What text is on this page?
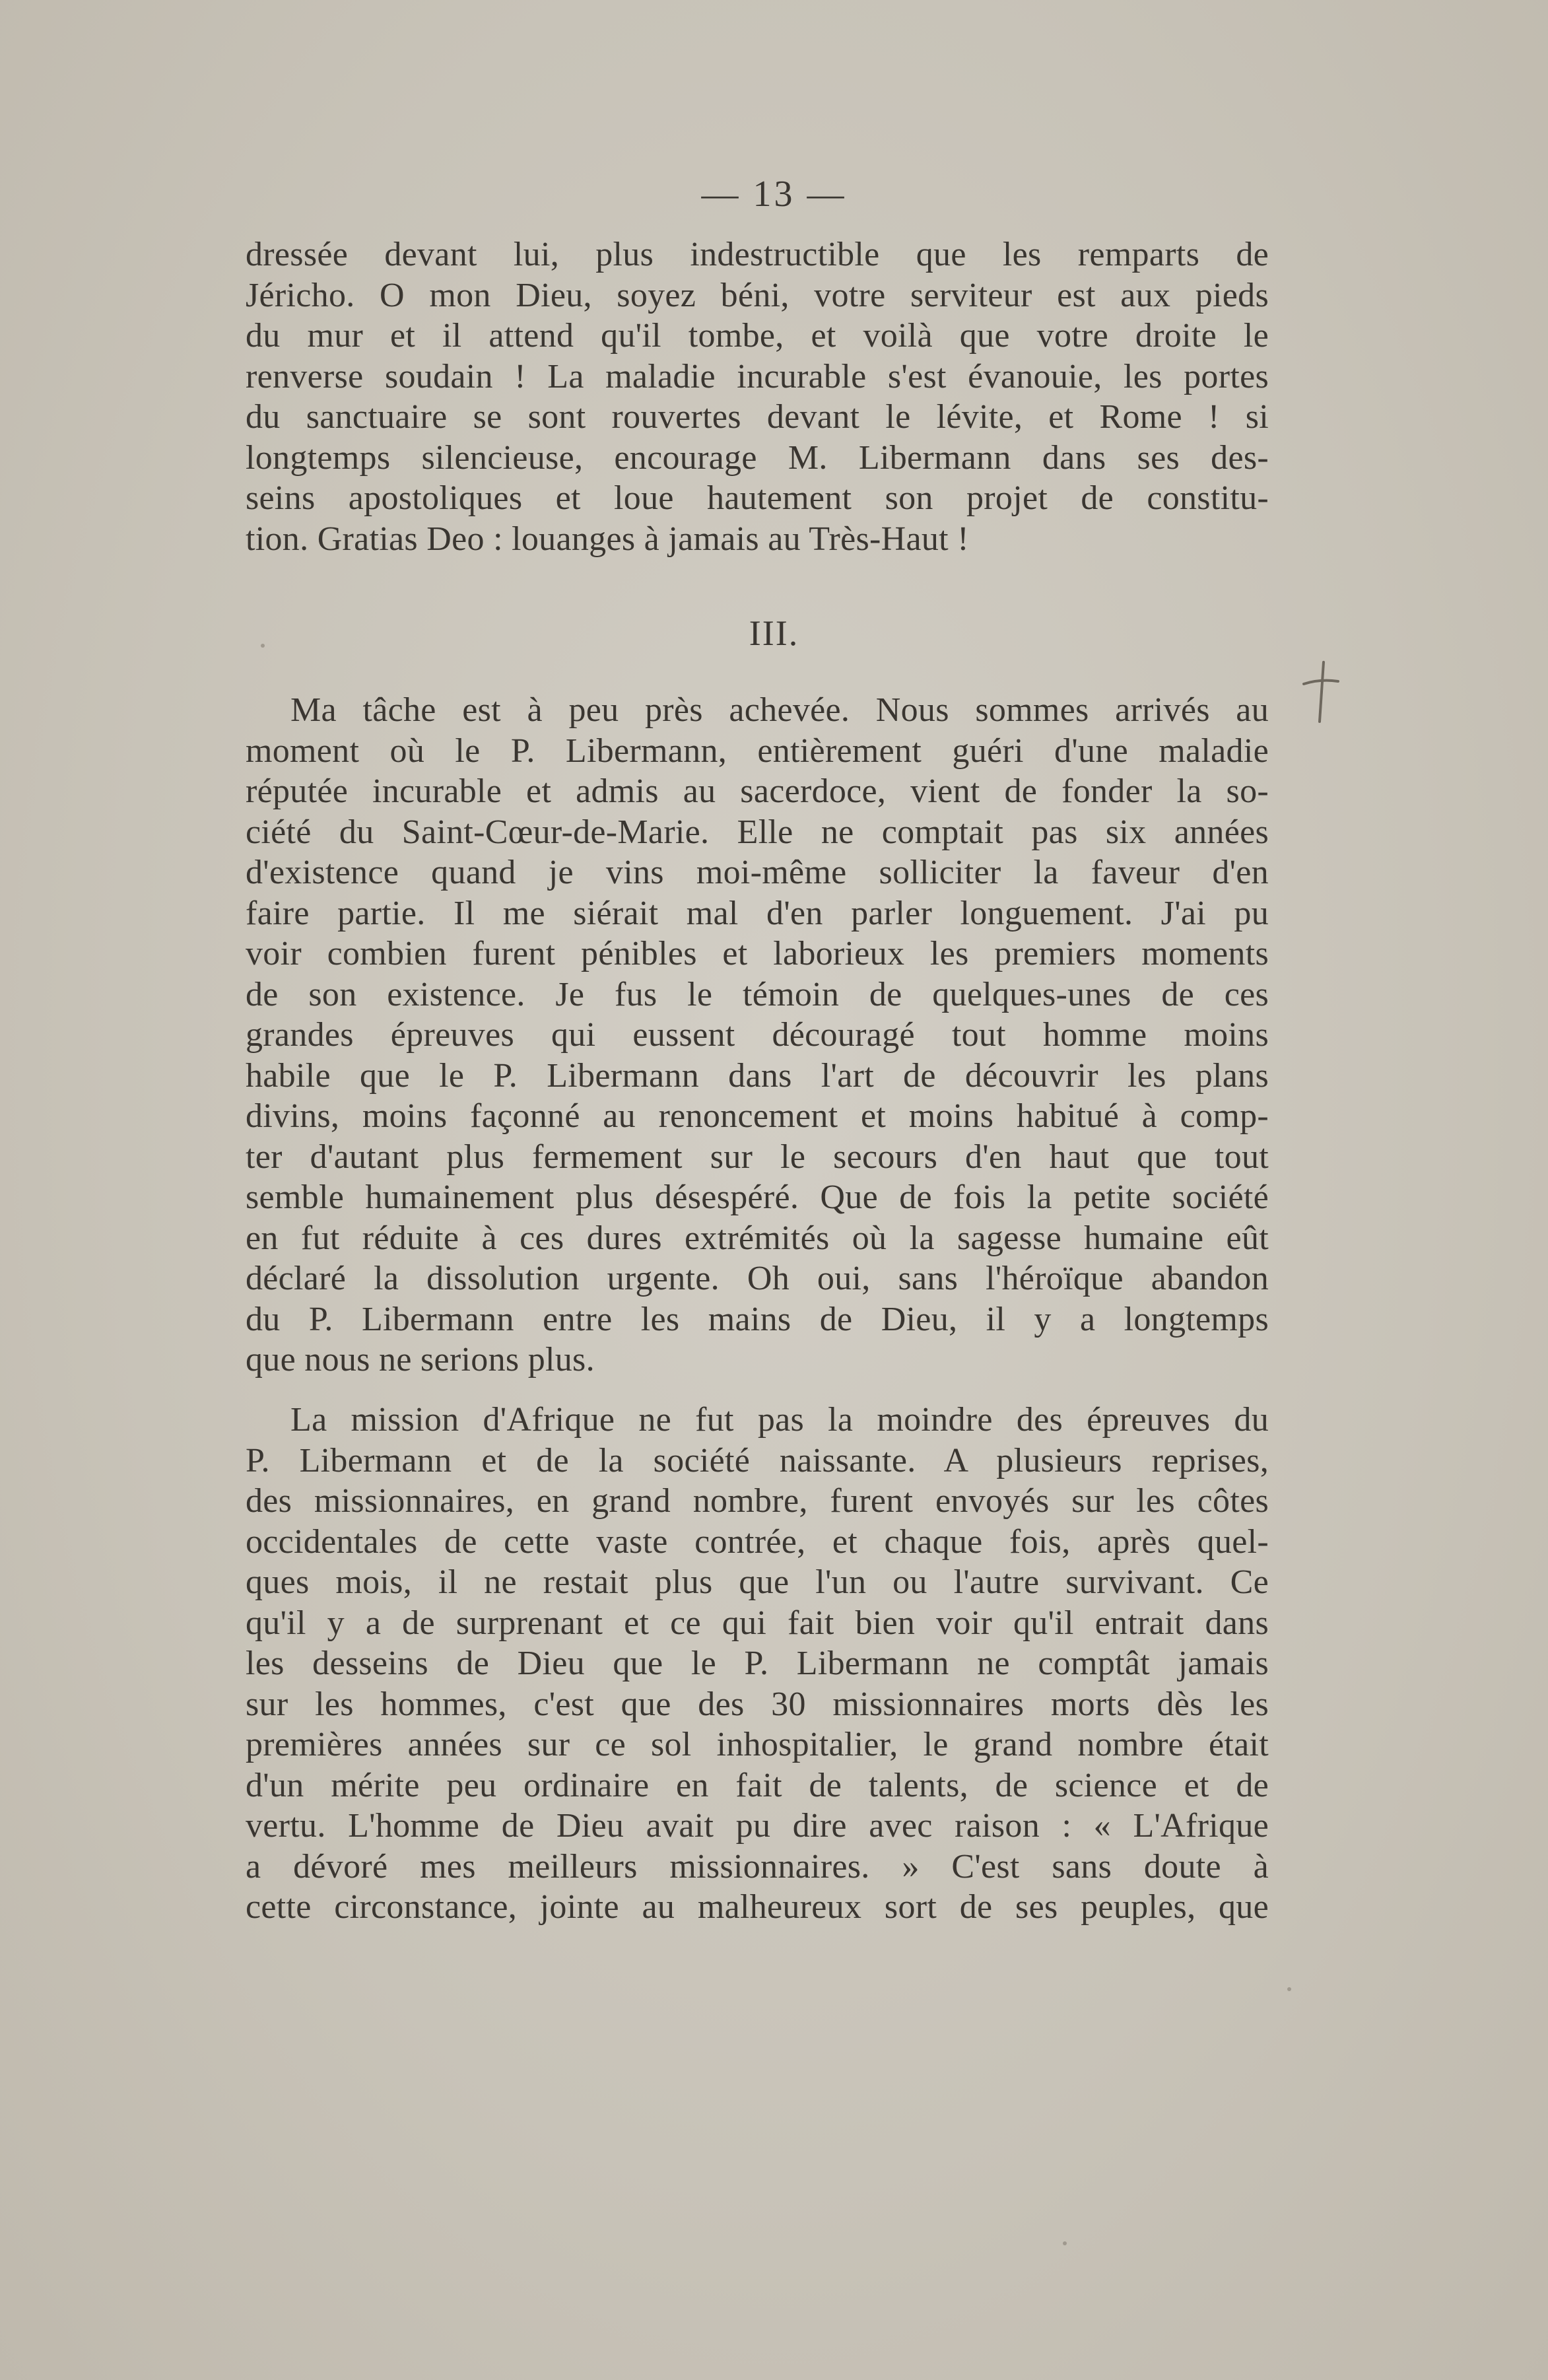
— 13 —
dressée devant lui, plus indestructible que les remparts de
Jéricho. O mon Dieu, soyez béni, votre serviteur est aux pieds
du mur et il attend qu'il tombe, et voilà que votre droite le
renverse soudain ! La maladie incurable s'est évanouie, les portes
du sanctuaire se sont rouvertes devant le lévite, et Rome ! si
longtemps silencieuse, encourage M. Libermann dans ses des-
seins apostoliques et loue hautement son projet de constitu-
tion. Gratias Deo : louanges à jamais au Très-Haut !
III.
Ma tâche est à peu près achevée. Nous sommes arrivés au
moment où le P. Libermann, entièrement guéri d'une maladie
réputée incurable et admis au sacerdoce, vient de fonder la so-
ciété du Saint-Cœur-de-Marie. Elle ne comptait pas six années
d'existence quand je vins moi-même solliciter la faveur d'en
faire partie. Il me siérait mal d'en parler longuement. J'ai pu
voir combien furent pénibles et laborieux les premiers moments
de son existence. Je fus le témoin de quelques-unes de ces
grandes épreuves qui eussent découragé tout homme moins
habile que le P. Libermann dans l'art de découvrir les plans
divins, moins façonné au renoncement et moins habitué à comp-
ter d'autant plus fermement sur le secours d'en haut que tout
semble humainement plus désespéré. Que de fois la petite société
en fut réduite à ces dures extrémités où la sagesse humaine eût
déclaré la dissolution urgente. Oh oui, sans l'héroïque abandon
du P. Libermann entre les mains de Dieu, il y a longtemps
que nous ne serions plus.
La mission d'Afrique ne fut pas la moindre des épreuves du
P. Libermann et de la société naissante. A plusieurs reprises,
des missionnaires, en grand nombre, furent envoyés sur les côtes
occidentales de cette vaste contrée, et chaque fois, après quel-
ques mois, il ne restait plus que l'un ou l'autre survivant. Ce
qu'il y a de surprenant et ce qui fait bien voir qu'il entrait dans
les desseins de Dieu que le P. Libermann ne comptât jamais
sur les hommes, c'est que des 30 missionnaires morts dès les
premières années sur ce sol inhospitalier, le grand nombre était
d'un mérite peu ordinaire en fait de talents, de science et de
vertu. L'homme de Dieu avait pu dire avec raison : « L'Afrique
a dévoré mes meilleurs missionnaires. » C'est sans doute à
cette circonstance, jointe au malheureux sort de ses peuples, que
